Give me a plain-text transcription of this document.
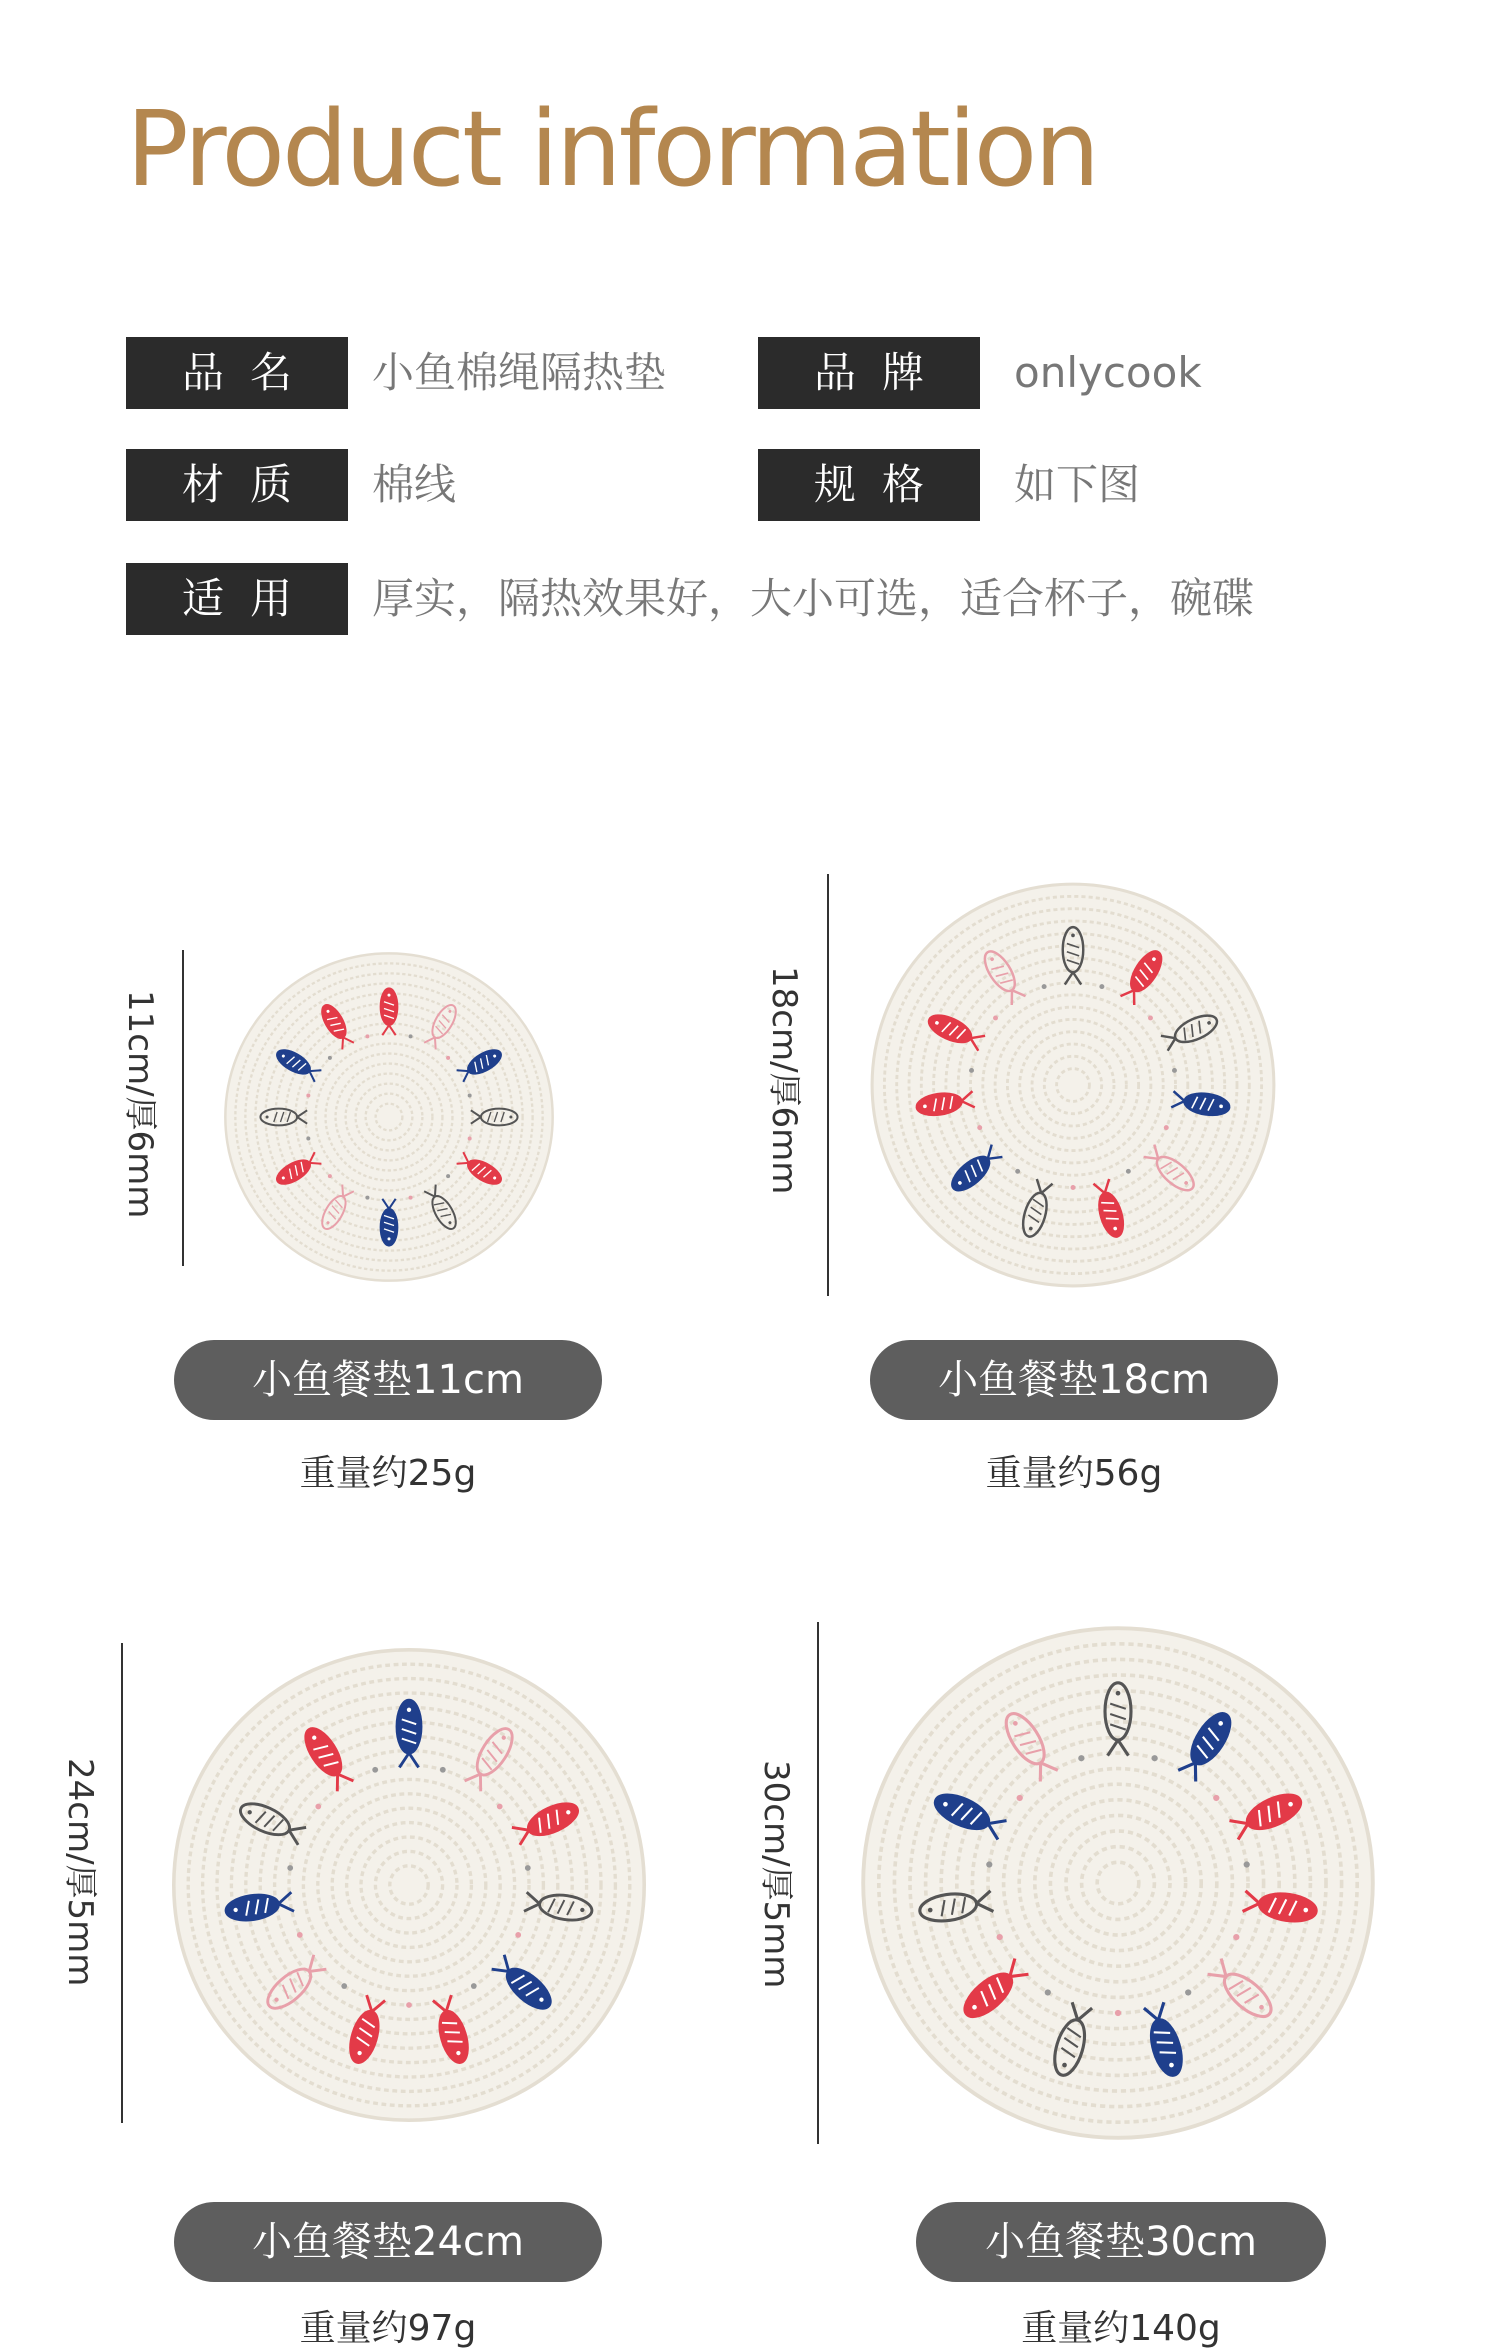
Product information
品名	小鱼棉绳隔热垫	品牌	onlycook
材质	棉线	规格	如下图
适用	厚实，隔热效果好，大小可选，适合杯子，碗碟
11cm/厚6mm
小鱼餐垫11cm
重量约25g
18cm/厚6mm
小鱼餐垫18cm
重量约56g
24cm/厚5mm
小鱼餐垫24cm
重量约97g
30cm/厚5mm
小鱼餐垫30cm
重量约140g
